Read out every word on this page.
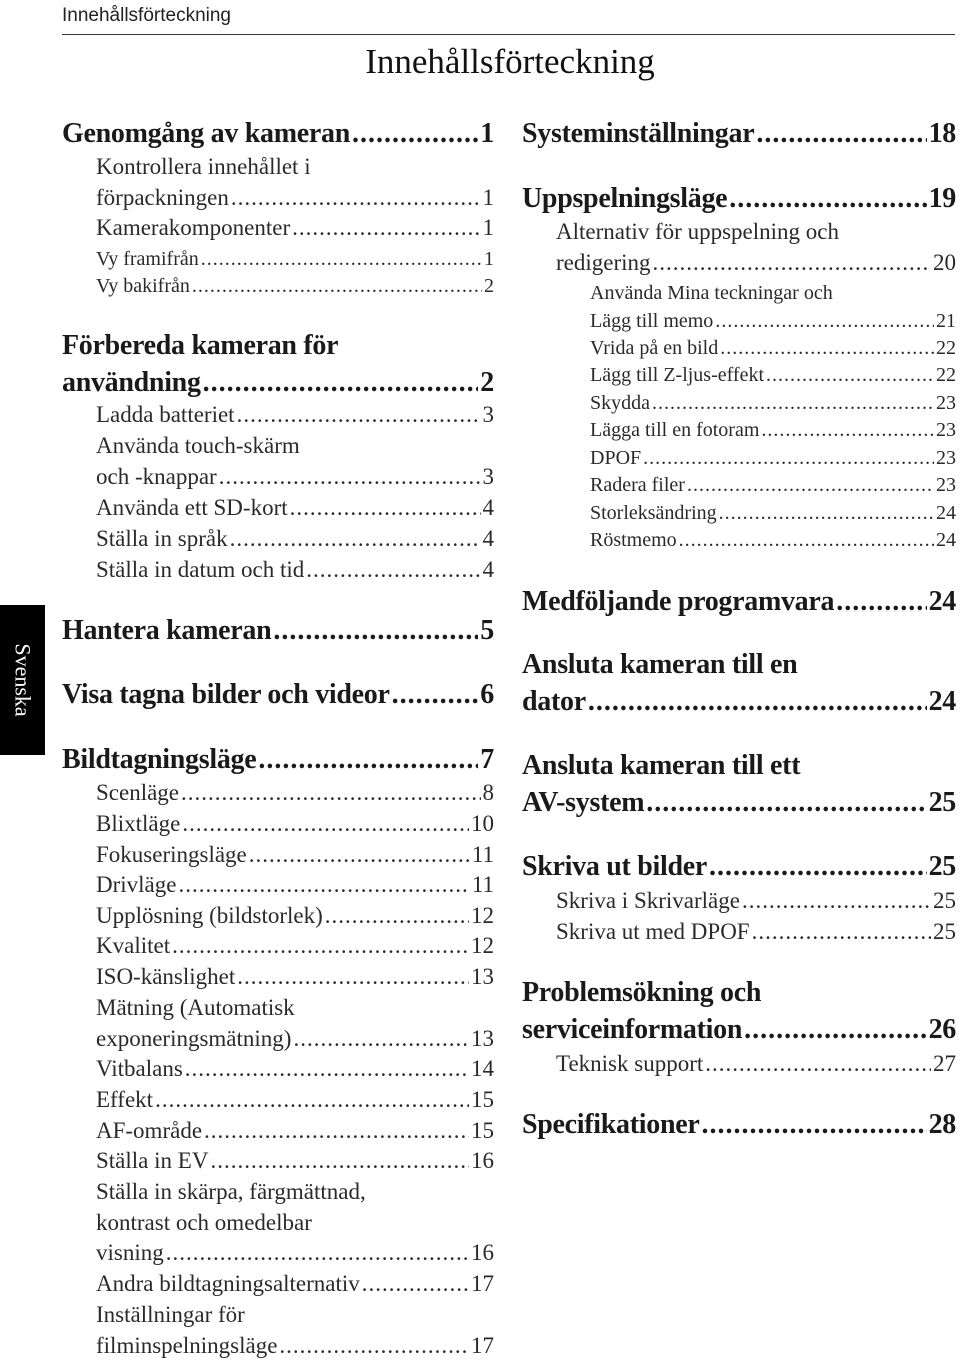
Innehållsförteckning
Innehållsförteckning
Svenska
Genomgång av kameran .....	1
Kontrollera innehållet i
förpackningen .....	1
Kamerakomponenter .....	1
Vy framifrån .....	1
Vy bakifrån .....	2
Förbereda kameran för
användning .....	2
Ladda batteriet .....	3
Använda touch-skärm
och -knappar .....	3
Använda ett SD-kort .....	4
Ställa in språk .....	4
Ställa in datum och tid .....	4
Hantera kameran .....	5
Visa tagna bilder och videor .....	6
Bildtagningsläge .....	7
Scenläge .....	8
Blixtläge .....	10
Fokuseringsläge .....	11
Drivläge .....	11
Upplösning (bildstorlek) .....	12
Kvalitet .....	12
ISO-känslighet .....	13
Mätning (Automatisk
exponeringsmätning) .....	13
Vitbalans .....	14
Effekt .....	15
AF-område .....	15
Ställa in EV .....	16
Ställa in skärpa, färgmättnad,
kontrast och omedelbar
visning .....	16
Andra bildtagningsalternativ .....	17
Inställningar för
filminspelningsläge .....	17
Systeminställningar .....	18
Uppspelningsläge .....	19
Alternativ för uppspelning och
redigering .....	20
Använda Mina teckningar och
Lägg till memo .....	21
Vrida på en bild .....	22
Lägg till Z-ljus-effekt .....	22
Skydda .....	23
Lägga till en fotoram .....	23
DPOF .....	23
Radera filer .....	23
Storleksändring .....	24
Röstmemo .....	24
Medföljande programvara .....	24
Ansluta kameran till en
dator .....	24
Ansluta kameran till ett
AV-system .....	25
Skriva ut bilder .....	25
Skriva i Skrivarläge .....	25
Skriva ut med DPOF .....	25
Problemsökning och
serviceinformation .....	26
Teknisk support .....	27
Specifikationer .....	28
